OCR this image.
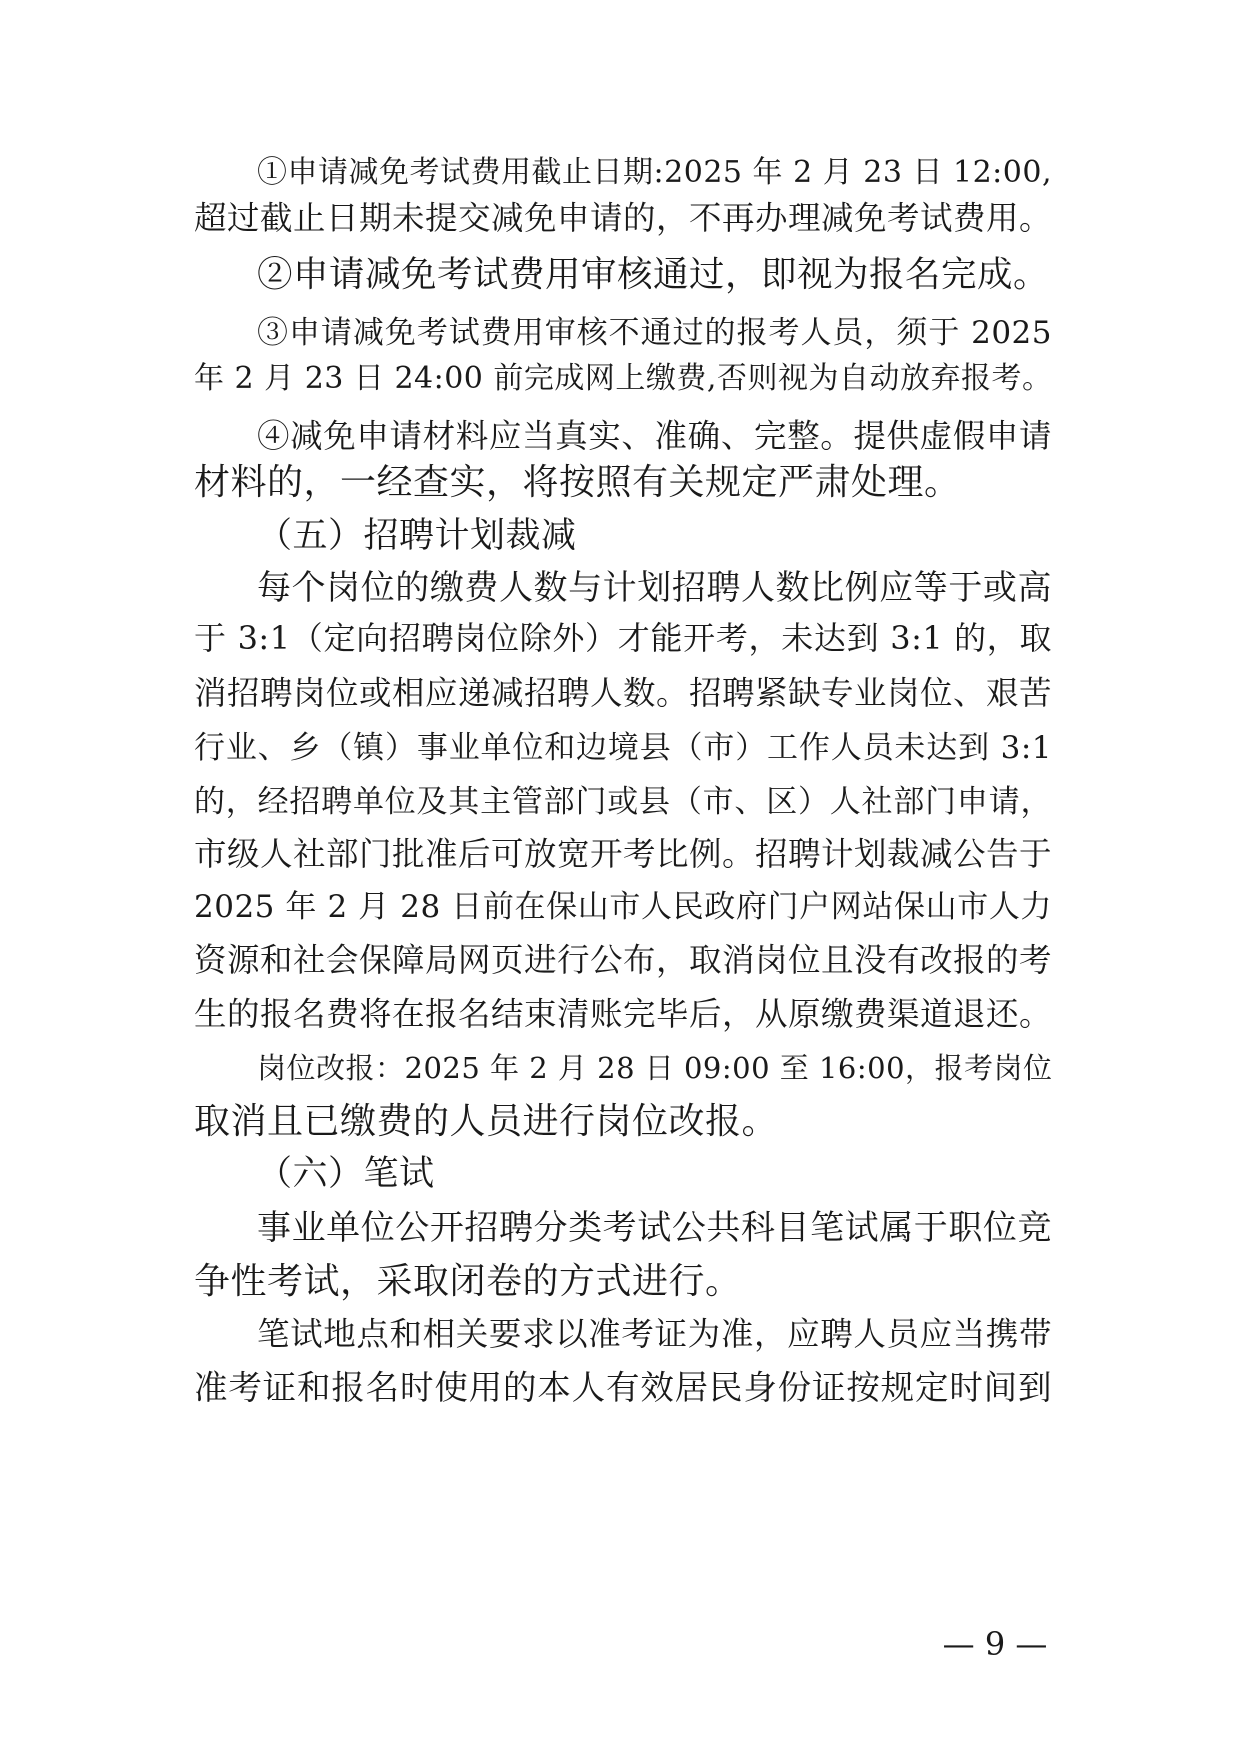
①申请减免考试费用截止日期:2025 年 2 月 23 日 12:00,
超过截止日期未提交减免申请的，不再办理减免考试费用。
②申请减免考试费用审核通过，即视为报名完成。
③申请减免考试费用审核不通过的报考人员，须于 2025
年 2 月 23 日 24:00 前完成网上缴费,否则视为自动放弃报考。
④减免申请材料应当真实、准确、完整。提供虚假申请
材料的，一经查实，将按照有关规定严肃处理。
（五）招聘计划裁减
每个岗位的缴费人数与计划招聘人数比例应等于或高
于 3:1（定向招聘岗位除外）才能开考，未达到 3:1 的，取
消招聘岗位或相应递减招聘人数。招聘紧缺专业岗位、艰苦
行业、乡（镇）事业单位和边境县（市）工作人员未达到 3:1
的，经招聘单位及其主管部门或县（市、区）人社部门申请，
市级人社部门批准后可放宽开考比例。招聘计划裁减公告于
2025 年 2 月 28 日前在保山市人民政府门户网站保山市人力
资源和社会保障局网页进行公布，取消岗位且没有改报的考
生的报名费将在报名结束清账完毕后，从原缴费渠道退还。
岗位改报：2025 年 2 月 28 日 09:00 至 16:00，报考岗位
取消且已缴费的人员进行岗位改报。
（六）笔试
事业单位公开招聘分类考试公共科目笔试属于职位竞
争性考试，采取闭卷的方式进行。
笔试地点和相关要求以准考证为准，应聘人员应当携带
准考证和报名时使用的本人有效居民身份证按规定时间到
— 9 —
